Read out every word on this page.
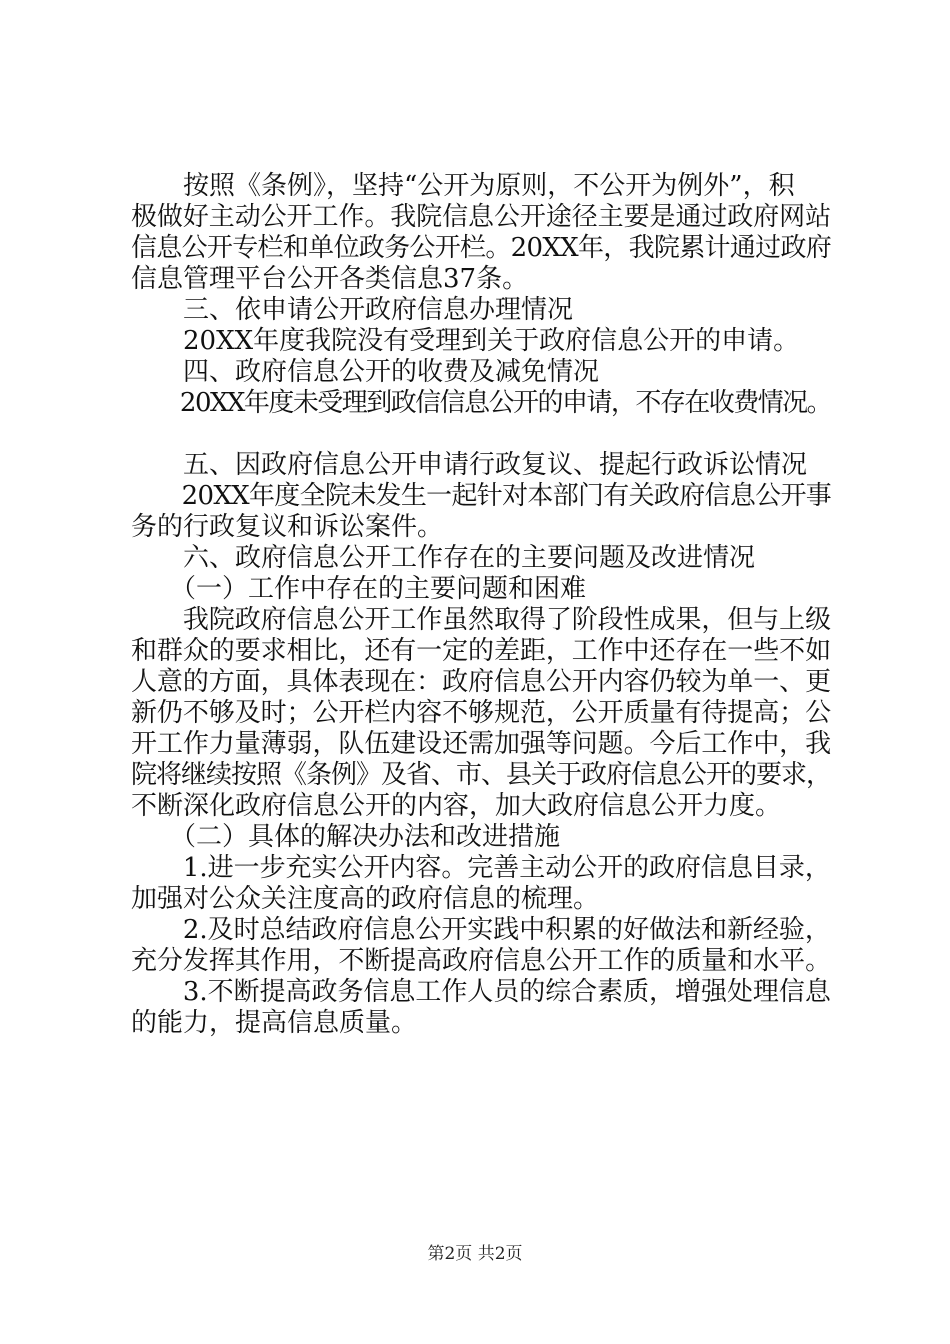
　　按照《条例》，坚持“公开为原则，不公开为例外”，积
极做好主动公开工作。我院信息公开途径主要是通过政府网站
信息公开专栏和单位政务公开栏。20XX年，我院累计通过政府
信息管理平台公开各类信息37条。
　　三、依申请公开政府信息办理情况
　　20XX年度我院没有受理到关于政府信息公开的申请。
　　四、政府信息公开的收费及减免情况
　　20XX年度未受理到政信信息公开的申请，不存在收费情况。
　　五、因政府信息公开申请行政复议、提起行政诉讼情况
　　20XX年度全院未发生一起针对本部门有关政府信息公开事
务的行政复议和诉讼案件。
　　六、政府信息公开工作存在的主要问题及改进情况
　　（一）工作中存在的主要问题和困难
　　我院政府信息公开工作虽然取得了阶段性成果，但与上级
和群众的要求相比，还有一定的差距，工作中还存在一些不如
人意的方面，具体表现在：政府信息公开内容仍较为单一、更
新仍不够及时；公开栏内容不够规范，公开质量有待提高；公
开工作力量薄弱，队伍建设还需加强等问题。今后工作中，我
院将继续按照《条例》及省、市、县关于政府信息公开的要求，
不断深化政府信息公开的内容，加大政府信息公开力度。
　　（二）具体的解决办法和改进措施
　　1.进一步充实公开内容。完善主动公开的政府信息目录，
加强对公众关注度高的政府信息的梳理。
　　2.及时总结政府信息公开实践中积累的好做法和新经验，
充分发挥其作用，不断提高政府信息公开工作的质量和水平。
　　3.不断提高政务信息工作人员的综合素质，增强处理信息
的能力，提高信息质量。
第2页 共2页
